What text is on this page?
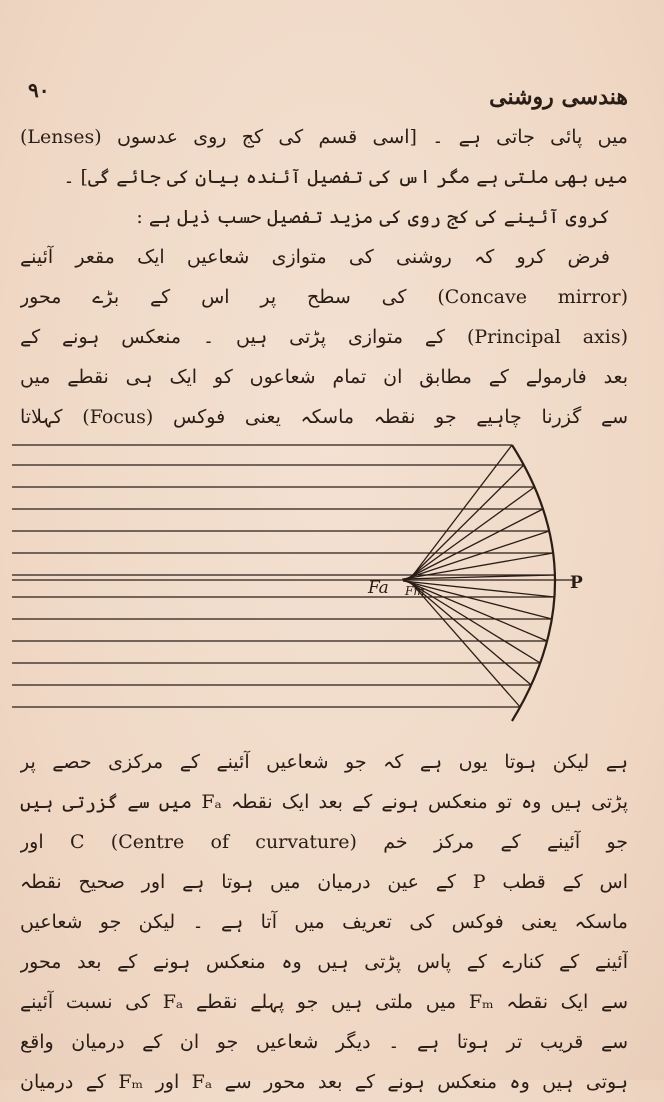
۹۰	هندسی روشنی
میں پائی جاتی ہے ۔ [اسی قسم کی کج روی عدسوں (Lenses)
میں بھی ملتی ہے مگر اس کی تفصیل آئندہ بیان کی جائے گی] ۔
کروی آئینے کی کج روی کی مزید تفصیل حسب ذیل ہے :
فرض کرو کہ روشنی کی متوازی شعاعیں ایک مقعر آئینے
(Concave mirror) کی سطح پر اس کے بڑے محور
(Principal axis) کے متوازی پڑتی ہیں ۔ منعکس ہونے کے
بعد فارمولے کے مطابق ان تمام شعاعوں کو ایک ہی نقطے میں
سے گزرنا چاہیے جو نقطہ ماسکہ یعنی فوکس (Focus) کہلاتا
Fa Fm	P
ہے لیکن ہوتا یوں ہے کہ جو شعاعیں آئینے کے مرکزی حصے پر
پڑتی ہیں وہ تو منعکس ہونے کے بعد ایک نقطہ Fₐ میں سے گزرتی ہیں
جو آئینے کے مرکز خم C (Centre of curvature) اور
اس کے قطب P کے عین درمیان میں ہوتا ہے اور صحیح نقطہ
ماسکہ یعنی فوکس کی تعریف میں آتا ہے ۔ لیکن جو شعاعیں
آئینے کے کنارے کے پاس پڑتی ہیں وہ منعکس ہونے کے بعد محور
سے ایک نقطہ Fₘ میں ملتی ہیں جو پہلے نقطے Fₐ کی نسبت آئینے
سے قریب تر ہوتا ہے ۔ دیگر شعاعیں جو ان کے درمیان واقع
ہوتی ہیں وہ منعکس ہونے کے بعد محور سے Fₐ اور Fₘ کے درمیان
